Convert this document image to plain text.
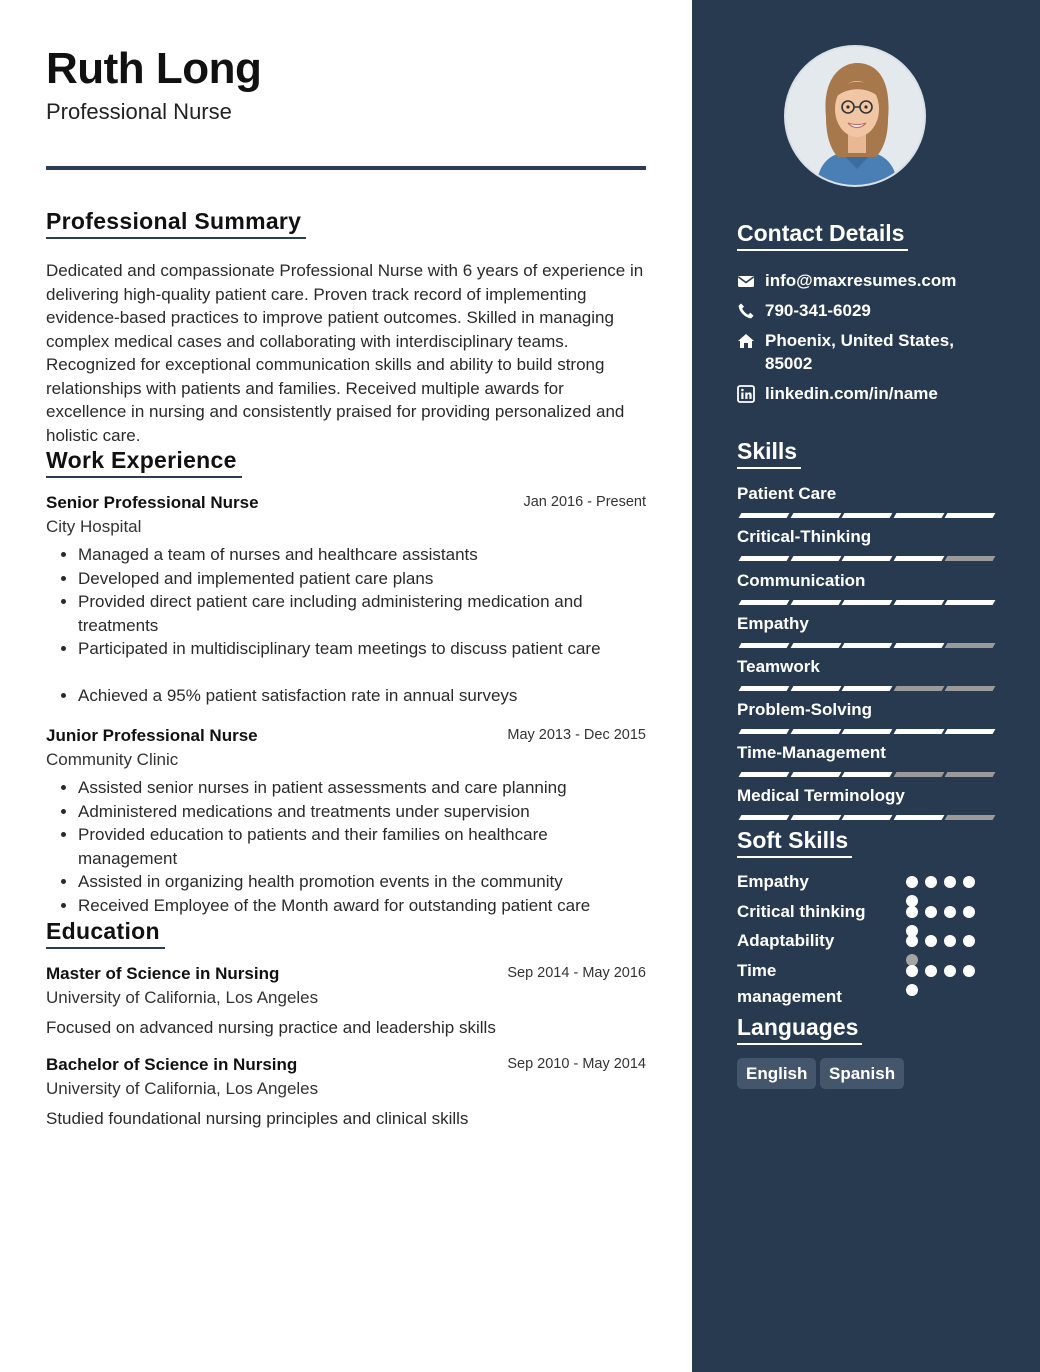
Ruth Long
Professional Nurse
Professional Summary
Dedicated and compassionate Professional Nurse with 6 years of experience in delivering high-quality patient care. Proven track record of implementing evidence-based practices to improve patient outcomes. Skilled in managing complex medical cases and collaborating with interdisciplinary teams. Recognized for exceptional communication skills and ability to build strong relationships with patients and families. Received multiple awards for excellence in nursing and consistently praised for providing personalized and holistic care.
Work Experience
Senior Professional Nurse	Jan 2016 - Present
City Hospital
• Managed a team of nurses and healthcare assistants
• Developed and implemented patient care plans
• Provided direct patient care including administering medication and treatments
• Participated in multidisciplinary team meetings to discuss patient care
• Achieved a 95% patient satisfaction rate in annual surveys
Junior Professional Nurse	May 2013 - Dec 2015
Community Clinic
• Assisted senior nurses in patient assessments and care planning
• Administered medications and treatments under supervision
• Provided education to patients and their families on healthcare management
• Assisted in organizing health promotion events in the community
• Received Employee of the Month award for outstanding patient care
Education
Master of Science in Nursing	Sep 2014 - May 2016
University of California, Los Angeles
Focused on advanced nursing practice and leadership skills
Bachelor of Science in Nursing	Sep 2010 - May 2014
University of California, Los Angeles
Studied foundational nursing principles and clinical skills
Contact Details
info@maxresumes.com
790-341-6029
Phoenix, United States, 85002
linkedin.com/in/name
Skills
Patient Care
Critical-Thinking
Communication
Empathy
Teamwork
Problem-Solving
Time-Management
Medical Terminology
Soft Skills
Empathy
Critical thinking
Adaptability
Time management
Languages
English	Spanish
